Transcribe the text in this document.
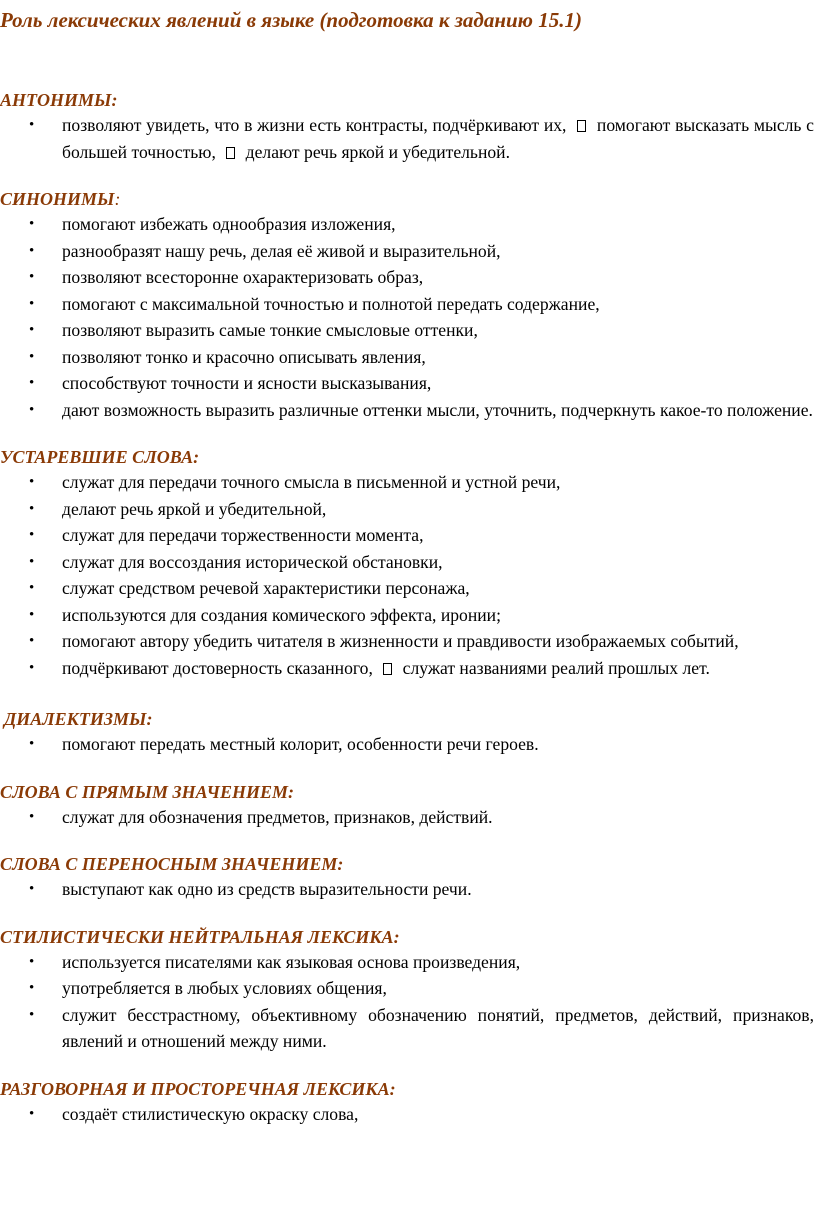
Роль лексических явлений в языке (подготовка к заданию 15.1)
АНТОНИМЫ:
• позволяют увидеть, что в жизни есть контрасты, подчёркивают их, помогают высказать мысль с большей точностью, делают речь яркой и убедительной.
СИНОНИМЫ:
• помогают избежать однообразия изложения,
• разнообразят нашу речь, делая её живой и выразительной,
• позволяют всесторонне охарактеризовать образ,
• помогают с максимальной точностью и полнотой передать содержание,
• позволяют выразить самые тонкие смысловые оттенки,
• позволяют тонко и красочно описывать явления,
• способствуют точности и ясности высказывания,
• дают возможность выразить различные оттенки мысли, уточнить, подчеркнуть какое-то положение.
УСТАРЕВШИЕ СЛОВА:
• служат для передачи точного смысла в письменной и устной речи,
• делают речь яркой и убедительной,
• служат для передачи торжественности момента,
• служат для воссоздания исторической обстановки,
• служат средством речевой характеристики персонажа,
• используются для создания комического эффекта, иронии;
• помогают автору убедить читателя в жизненности и правдивости изображаемых событий,
• подчёркивают достоверность сказанного, служат названиями реалий прошлых лет.
ДИАЛЕКТИЗМЫ:
• помогают передать местный колорит, особенности речи героев.
СЛОВА С ПРЯМЫМ ЗНАЧЕНИЕМ:
• служат для обозначения предметов, признаков, действий.
СЛОВА С ПЕРЕНОСНЫМ ЗНАЧЕНИЕМ:
• выступают как одно из средств выразительности речи.
СТИЛИСТИЧЕСКИ НЕЙТРАЛЬНАЯ ЛЕКСИКА:
• используется писателями как языковая основа произведения,
• употребляется в любых условиях общения,
• служит бесстрастному, объективному обозначению понятий, предметов, действий, признаков, явлений и отношений между ними.
РАЗГОВОРНАЯ И ПРОСТОРЕЧНАЯ ЛЕКСИКА:
• создаёт стилистическую окраску слова,
